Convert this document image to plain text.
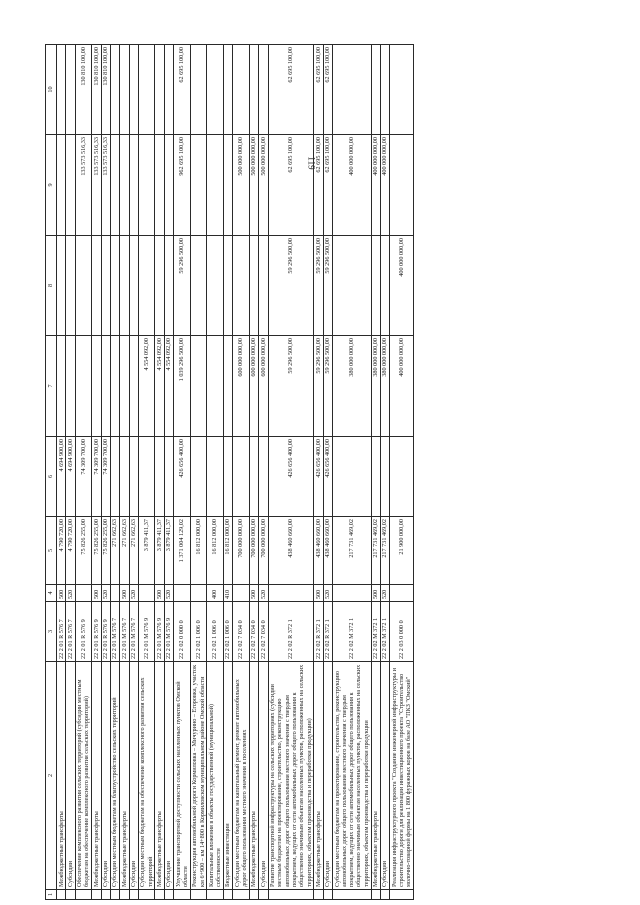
119
1	2	3	4	5	6	7	8	9	10
	Межбюджетные трансферты	22 2 01 R 576 7	500	4 790 720,00	4 694 900,00				
	Субсидии	22 2 01 R 576 7	520	4 790 720,00	4 694 900,00				
	Обеспечение комплексного развития сельских территорий (субсидии местным бюджетам на обеспечение комплексного развития сельских территорий)	22 2 01 R 576 9		75 826 255,00	74 309 700,00			133 573 516,33	130 810 100,00
	Межбюджетные трансферты	22 2 01 R 576 9	500	75 826 255,00	74 309 700,00			133 573 516,33	130 810 100,00
	Субсидии	22 2 01 R 576 9	520	75 826 255,00	74 309 700,00			133 573 516,33	130 810 100,00
	Субсидии местным бюджетам на благоустройство сельских территорий	22 2 01 M 576 7		271 662,63					
	Межбюджетные трансферты	22 2 01 M 576 7	500	271 662,63					
	Субсидии	22 2 01 M 576 7	520	271 662,63					
	Субсидии местным бюджетам на обеспечение комплексного развития сельских территорий	22 2 01 M 576 9		3 879 411,37		4 554 092,00			
	Межбюджетные трансферты	22 2 01 M 576 9	500	3 879 411,37		4 554 092,00			
	Субсидии	22 2 01 M 576 9	520	3 879 411,37		4 554 092,00			
	Улучшение транспортной доступности сельских населенных пунктов Омской области	22 2 02 0 000 0		1 371 004 129,02	426 656 400,00	1 039 296 500,00	59 296 500,00	962 695 100,00	62 695 100,00
	Реконструкция автомобильной дороги Кормиловка – Мичурино – Егоровка, участок км 6+900 – км 14+800 в Кормиловском муниципальном районе Омской области	22 2 02 1 006 0		16 812 000,00					
	Капитальные вложения в объекты государственной (муниципальной) собственности	22 2 02 1 006 0	400	16 812 000,00					
	Бюджетные инвестиции	22 2 02 1 006 0	410	16 812 000,00					
	Субсидии местным бюджетам на капитальный ремонт, ремонт автомобильных дорог общего пользования местного значения в поселениях	22 2 02 7 034 0		700 000 000,00		600 000 000,00		500 000 000,00	
	Межбюджетные трансферты	22 2 02 7 034 0	500	700 000 000,00		600 000 000,00		500 000 000,00	
	Субсидии	22 2 02 7 034 0	520	700 000 000,00		600 000 000,00		500 000 000,00	
	Развитие транспортной инфраструктуры на сельских территориях (субсидии местным бюджетам на проектирование, строительство, реконструкцию автомобильных дорог общего пользования местного значения с твердым покрытием, ведущих от сети автомобильных дорог общего пользования к общественно значимым объектам населенных пунктов, расположенных на сельских территориях, объектам производства и переработки продукции)	22 2 02 R 372 1		438 460 660,00	426 656 400,00	59 296 500,00	59 296 500,00	62 695 100,00	62 695 100,00
	Межбюджетные трансферты	22 2 02 R 372 1	500	438 460 660,00	426 656 400,00	59 296 500,00	59 296 500,00	62 695 100,00	62 695 100,00
	Субсидии	22 2 02 R 372 1	520	438 460 660,00	426 656 400,00	59 296 500,00	59 296 500,00	62 695 100,00	62 695 100,00
	Субсидии местным бюджетам на проектирование, строительство, реконструкцию автомобильных дорог общего пользования местного значения с твердым покрытием, ведущих от сети автомобильных дорог общего пользования к общественно значимым объектам населенных пунктов, расположенных на сельских территориях, объектам производства и переработки продукции	22 2 02 M 372 1		217 731 469,02		380 000 000,00		400 000 000,00	
	Межбюджетные трансферты	22 2 02 M 372 1	500	217 731 469,02		380 000 000,00		400 000 000,00	
	Субсидии	22 2 02 M 372 1	520	217 731 469,02		380 000 000,00		400 000 000,00	
	Реализация инфраструктурного проекта "Создание инженерной инфраструктуры и строительство дороги для реализации инвестиционного проекта "Строительство молочно-товарной фермы на 1 800 фуражных коров на базе АО "ПКЗ "Омский"	22 2 03 0 000 0		21 900 000,00		400 000 000,00	400 000 000,00		
